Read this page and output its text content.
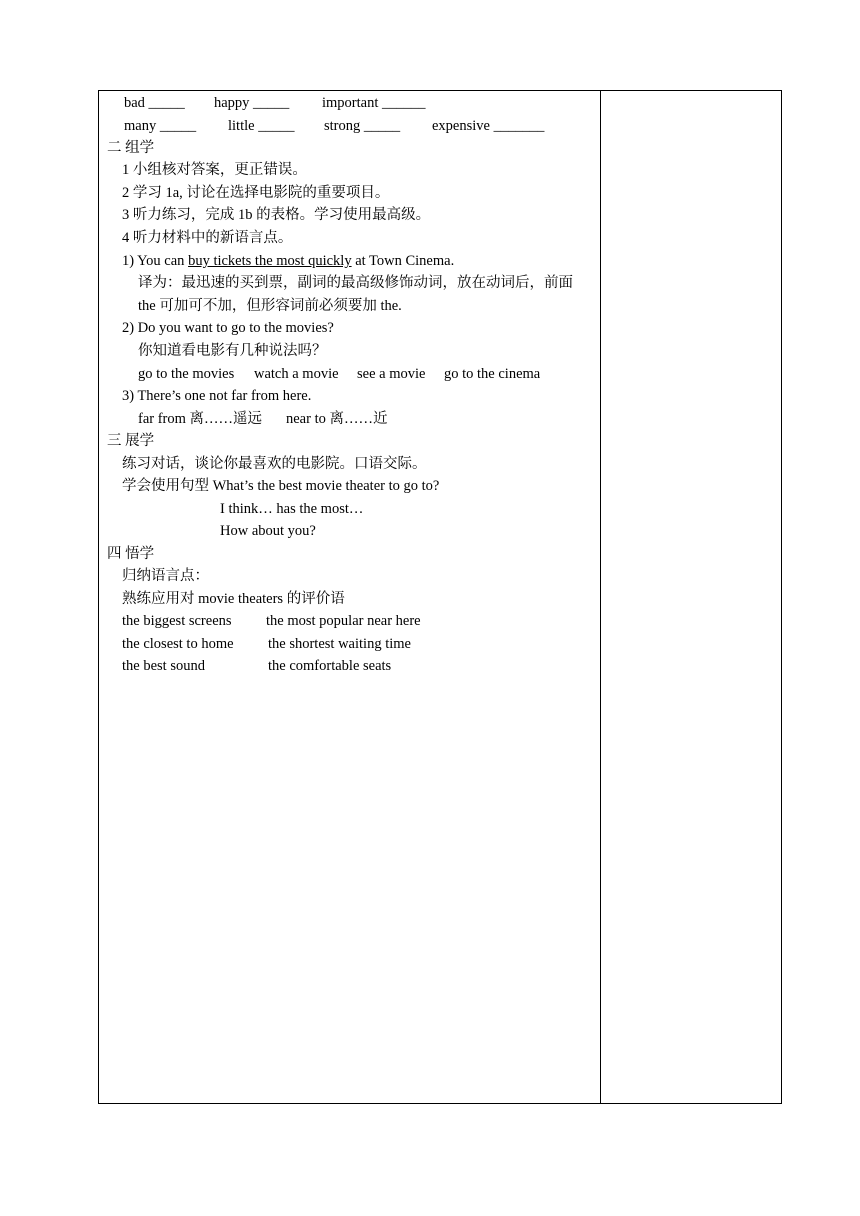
bad _____ happy _____ important ______
many _____ little _____ strong _____ expensive _______
二 组学
1 小组核对答案，更正错误。
2 学习 1a, 讨论在选择电影院的重要项目。
3 听力练习，完成 1b 的表格。学习使用最高级。
4 听力材料中的新语言点。
1) You can buy tickets the most quickly at Town Cinema.
译为：最迅速的买到票，副词的最高级修饰动词，放在动词后，前面
the 可加可不加，但形容词前必须要加 the.
2) Do you want to go to the movies?
你知道看电影有几种说法吗？
go to the movies watch a movie see a movie go to the cinema
3) There’s one not far from here.
far from 离……遥远 near to 离……近
三 展学
练习对话，谈论你最喜欢的电影院。口语交际。
学会使用句型 What’s the best movie theater to go to?
I think… has the most…
How about you?
四 悟学
归纳语言点：
熟练应用对 movie theaters 的评价语
the biggest screens the most popular near here
the closest to home the shortest waiting time
the best sound	the comfortable seats
